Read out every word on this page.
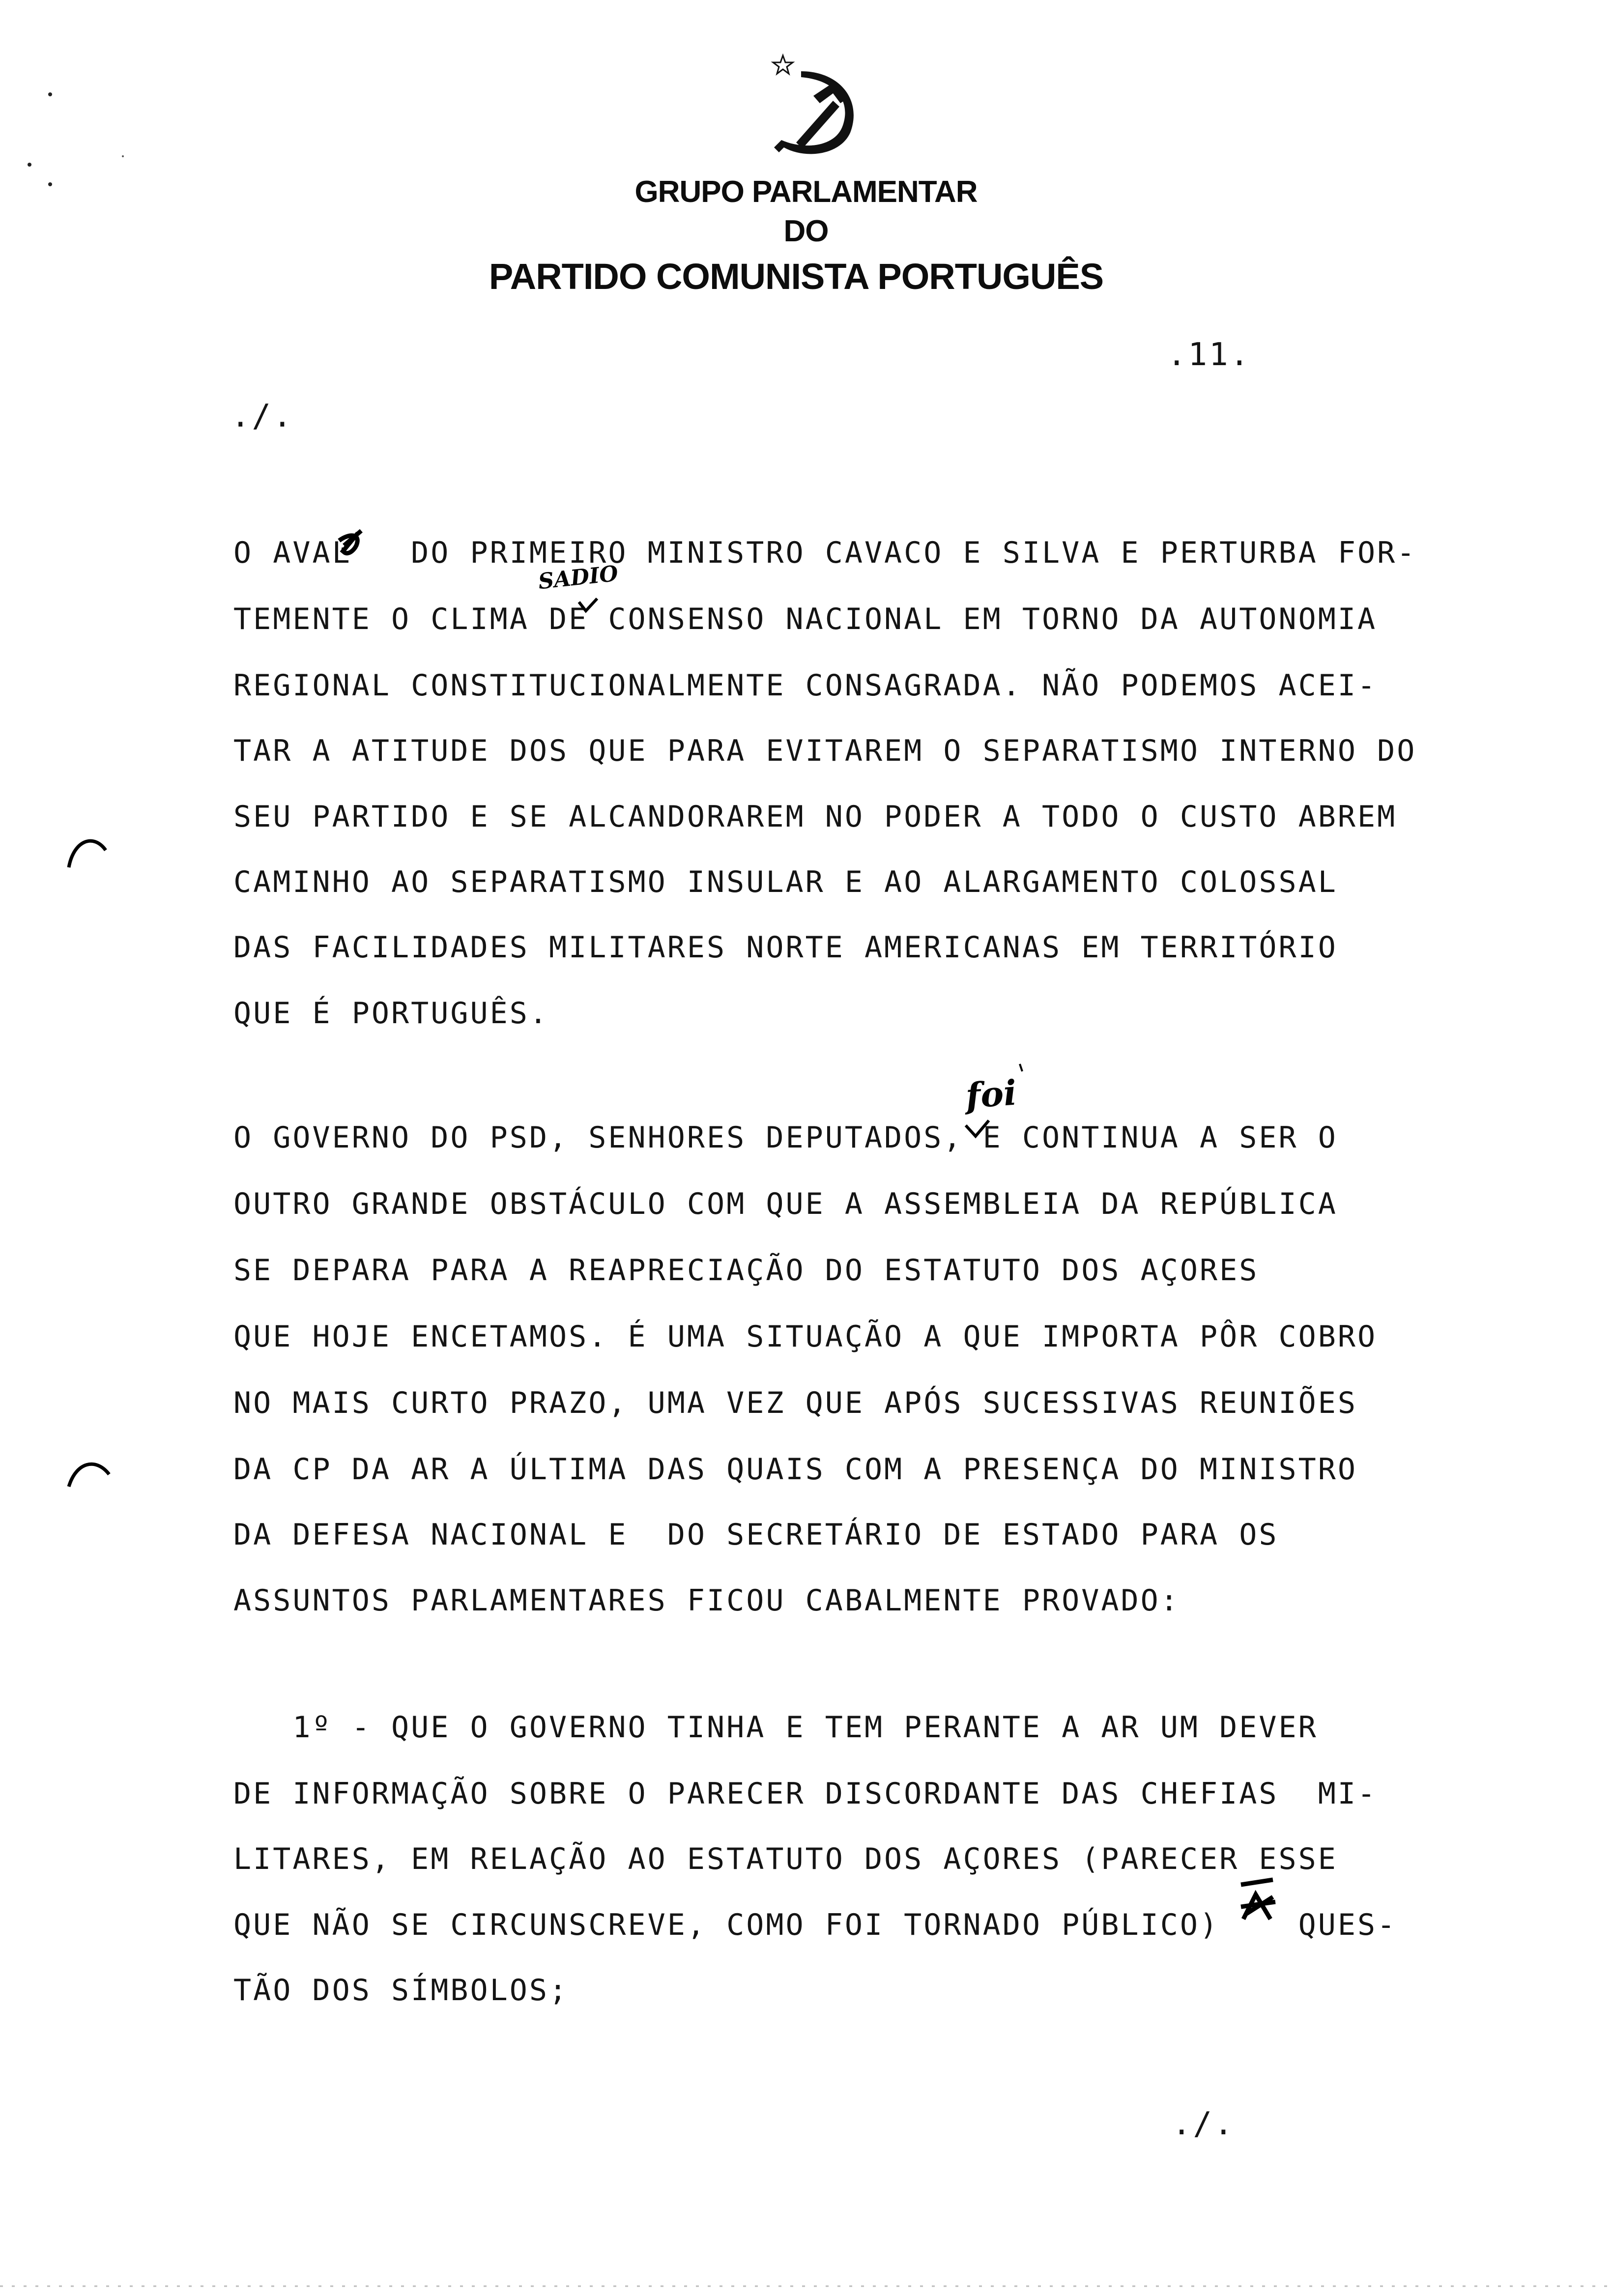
GRUPO PARLAMENTAR
DO
PARTIDO COMUNISTA PORTUGUÊS
.11.
./.
O AVAL   DO PRIMEIRO MINISTRO CAVACO E SILVA E PERTURBA FOR-
TEMENTE O CLIMA DE CONSENSO NACIONAL EM TORNO DA AUTONOMIA
REGIONAL CONSTITUCIONALMENTE CONSAGRADA. NÃO PODEMOS ACEI-
TAR A ATITUDE DOS QUE PARA EVITAREM O SEPARATISMO INTERNO DO
SEU PARTIDO E SE ALCANDORAREM NO PODER A TODO O CUSTO ABREM
CAMINHO AO SEPARATISMO INSULAR E AO ALARGAMENTO COLOSSAL
DAS FACILIDADES MILITARES NORTE AMERICANAS EM TERRITÓRIO
QUE É PORTUGUÊS.
O GOVERNO DO PSD, SENHORES DEPUTADOS, E CONTINUA A SER O
OUTRO GRANDE OBSTÁCULO COM QUE A ASSEMBLEIA DA REPÚBLICA
SE DEPARA PARA A REAPRECIAÇÃO DO ESTATUTO DOS AÇORES
QUE HOJE ENCETAMOS. É UMA SITUAÇÃO A QUE IMPORTA PÔR COBRO
NO MAIS CURTO PRAZO, UMA VEZ QUE APÓS SUCESSIVAS REUNIÕES
DA CP DA AR A ÚLTIMA DAS QUAIS COM A PRESENÇA DO MINISTRO
DA DEFESA NACIONAL E  DO SECRETÁRIO DE ESTADO PARA OS
ASSUNTOS PARLAMENTARES FICOU CABALMENTE PROVADO:
1º - QUE O GOVERNO TINHA E TEM PERANTE A AR UM DEVER
DE INFORMAÇÃO SOBRE O PARECER DISCORDANTE DAS CHEFIAS  MI-
LITARES, EM RELAÇÃO AO ESTATUTO DOS AÇORES (PARECER ESSE
QUE NÃO SE CIRCUNSCREVE, COMO FOI TORNADO PÚBLICO)    QUES-
TÃO DOS SÍMBOLOS;
./.
SADIO
foi
